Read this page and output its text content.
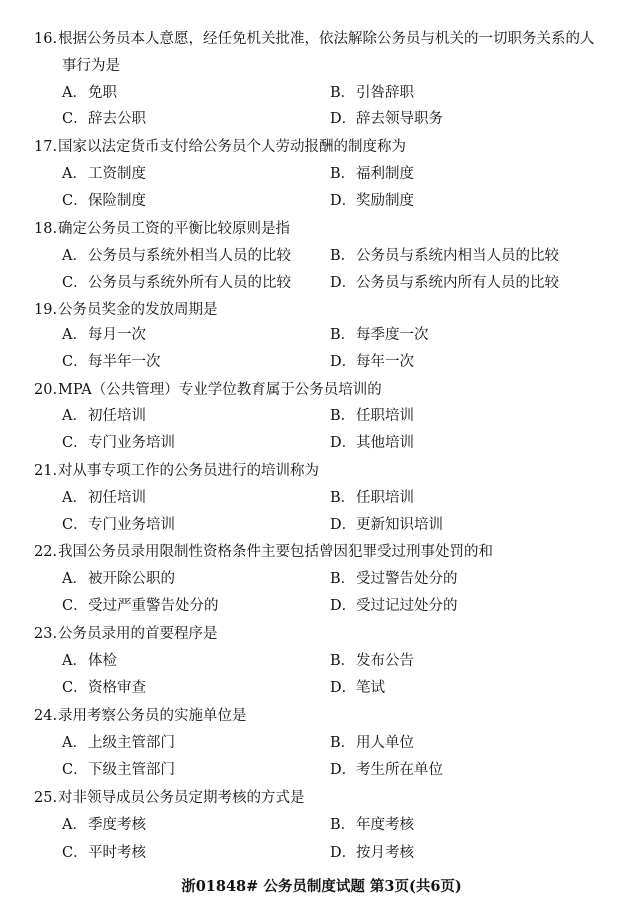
16.根据公务员本人意愿，经任免机关批准，依法解除公务员与机关的一切职务关系的人
事行为是
A．免职	B．引咎辞职
C．辞去公职	D．辞去领导职务
17.国家以法定货币支付给公务员个人劳动报酬的制度称为
A．工资制度	B．福利制度
C．保险制度	D．奖励制度
18.确定公务员工资的平衡比较原则是指
A．公务员与系统外相当人员的比较	B．公务员与系统内相当人员的比较
C．公务员与系统外所有人员的比较	D．公务员与系统内所有人员的比较
19.公务员奖金的发放周期是
A．每月一次	B．每季度一次
C．每半年一次	D．每年一次
20.MPA（公共管理）专业学位教育属于公务员培训的
A．初任培训	B．任职培训
C．专门业务培训	D．其他培训
21.对从事专项工作的公务员进行的培训称为
A．初任培训	B．任职培训
C．专门业务培训	D．更新知识培训
22.我国公务员录用限制性资格条件主要包括曾因犯罪受过刑事处罚的和
A．被开除公职的	B．受过警告处分的
C．受过严重警告处分的	D．受过记过处分的
23.公务员录用的首要程序是
A．体检	B．发布公告
C．资格审查	D．笔试
24.录用考察公务员的实施单位是
A．上级主管部门	B．用人单位
C．下级主管部门	D．考生所在单位
25.对非领导成员公务员定期考核的方式是
A．季度考核	B．年度考核
C．平时考核	D．按月考核
浙01848# 公务员制度试题 第3页(共6页)
